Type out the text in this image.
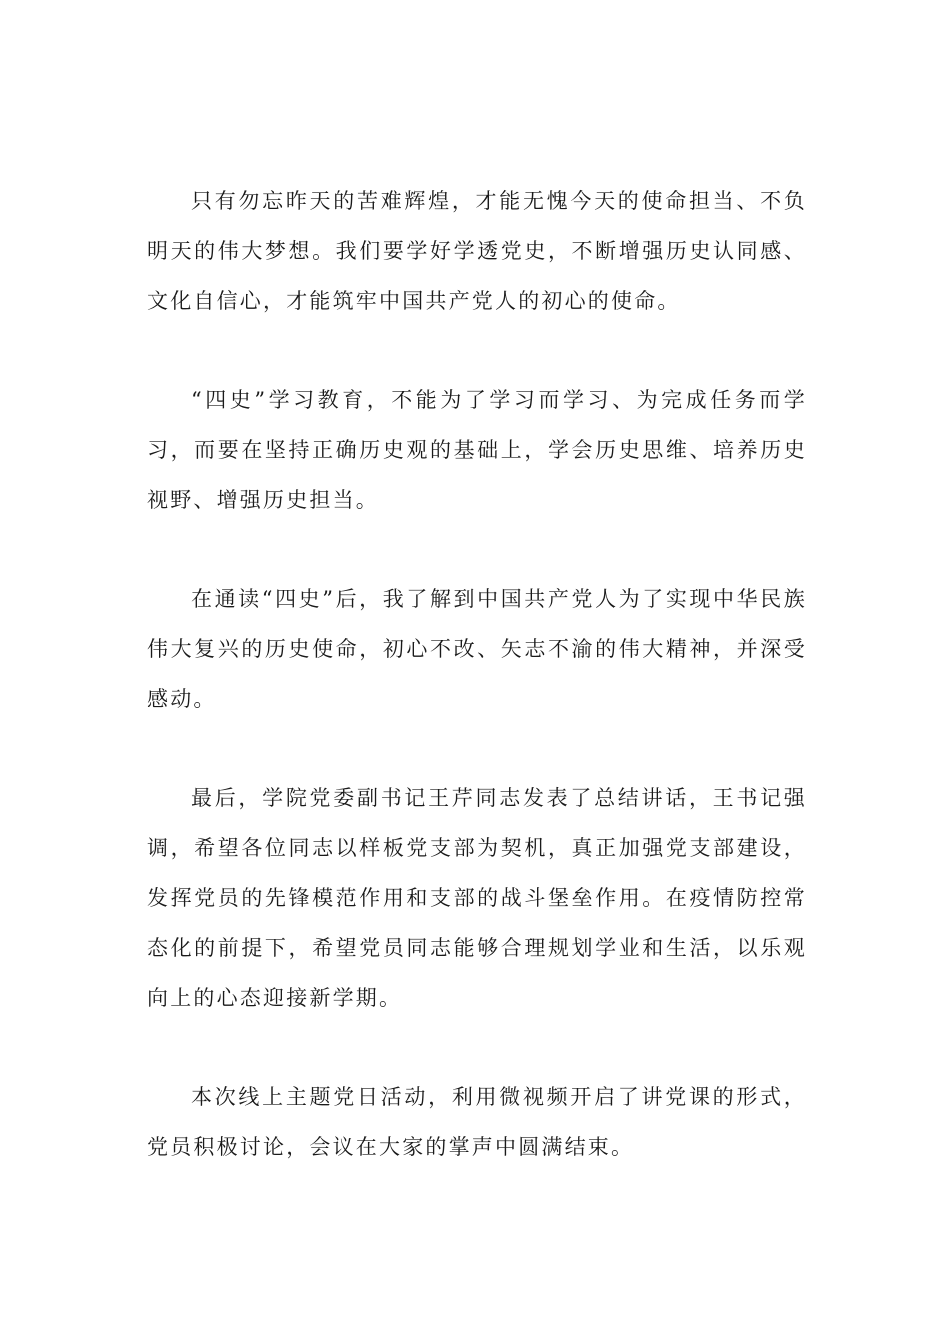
只有勿忘昨天的苦难辉煌，才能无愧今天的使命担当、不负明天的伟大梦想。我们要学好学透党史，不断增强历史认同感、文化自信心，才能筑牢中国共产党人的初心的使命。

“四史”学习教育，不能为了学习而学习、为完成任务而学习，而要在坚持正确历史观的基础上，学会历史思维、培养历史视野、增强历史担当。

在通读“四史”后，我了解到中国共产党人为了实现中华民族伟大复兴的历史使命，初心不改、矢志不渝的伟大精神，并深受感动。

最后，学院党委副书记王芹同志发表了总结讲话，王书记强调，希望各位同志以样板党支部为契机，真正加强党支部建设，发挥党员的先锋模范作用和支部的战斗堡垒作用。在疫情防控常态化的前提下，希望党员同志能够合理规划学业和生活，以乐观向上的心态迎接新学期。

本次线上主题党日活动，利用微视频开启了讲党课的形式，党员积极讨论，会议在大家的掌声中圆满结束。
